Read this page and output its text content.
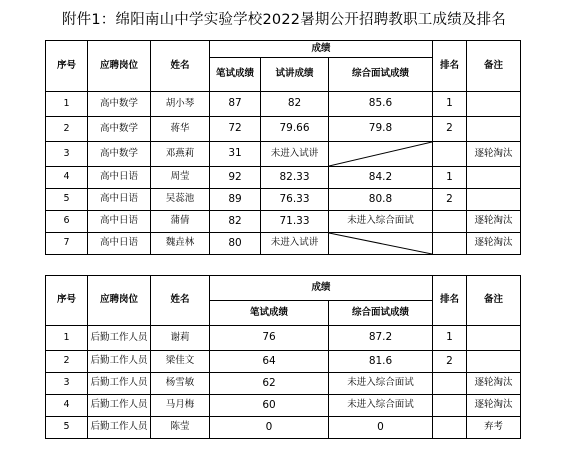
附件1：绵阳南山中学实验学校2022暑期公开招聘教职工成绩及排名
序号	应聘岗位	姓名	成绩			排名	备注
			笔试成绩	试讲成绩	综合面试成绩		
1	高中数学	胡小琴	87	82	85.6	1	
2	高中数学	蒋华	72	79.66	79.8	2	
3	高中数学	邓燕莉	31	未进入试讲			逐轮淘汰
4	高中日语	周莹	92	82.33	84.2	1	
5	高中日语	吴蕊池	89	76.33	80.8	2	
6	高中日语	蒲倩	82	71.33	未进入综合面试		逐轮淘汰
7	高中日语	魏垚林	80	未进入试讲			逐轮淘汰
序号	应聘岗位	姓名	成绩		排名	备注
			笔试成绩	综合面试成绩		
1	后勤工作人员	谢莉	76	87.2	1	
2	后勤工作人员	梁佳文	64	81.6	2	
3	后勤工作人员	杨雪敏	62	未进入综合面试		逐轮淘汰
4	后勤工作人员	马月梅	60	未进入综合面试		逐轮淘汰
5	后勤工作人员	陈莹	0	0		弃考
